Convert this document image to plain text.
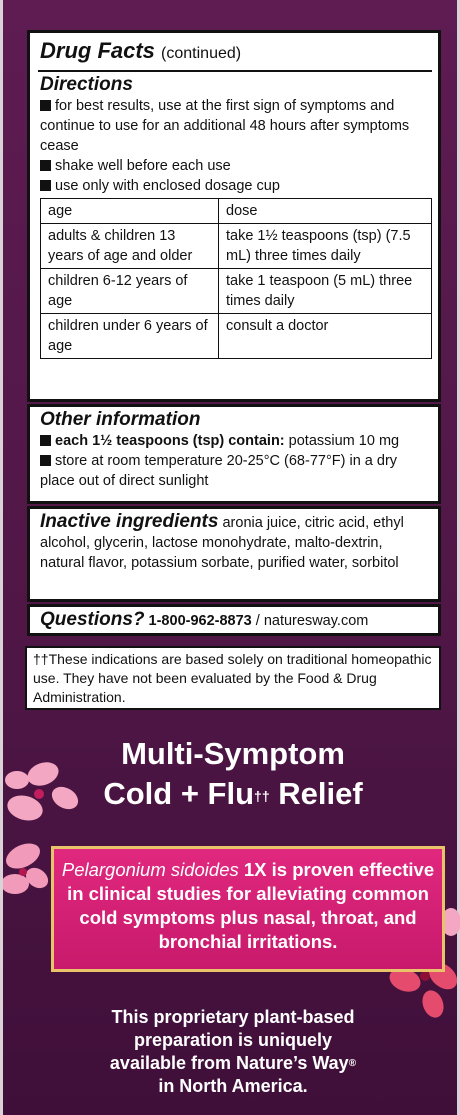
Drug Facts (continued)
Directions
for best results, use at the first sign of symptoms and continue to use for an additional 48 hours after symptoms cease
shake well before each use
use only with enclosed dosage cup
age	dose
adults & children 13 years of age and older	take 1½ teaspoons (tsp) (7.5 mL) three times daily
children 6-12 years of age	take 1 teaspoon (5 mL) three times daily
children under 6 years of age	consult a doctor
Other information
each 1½ teaspoons (tsp) contain: potassium 10 mg
store at room temperature 20-25°C (68-77°F) in a dry place out of direct sunlight
Inactive ingredients aronia juice, citric acid, ethyl alcohol, glycerin, lactose monohydrate, malto-dextrin, natural flavor, potassium sorbate, purified water, sorbitol
Questions? 1-800-962-8873 / naturesway.com
††These indications are based solely on traditional homeopathic use. They have not been evaluated by the Food & Drug Administration.
Multi-Symptom
Cold + Flu†† Relief
Pelargonium sidoides 1X is proven effective in clinical studies for alleviating common cold symptoms plus nasal, throat, and bronchial irritations.
This proprietary plant-based
preparation is uniquely
available from Nature’s Way®
in North America.
